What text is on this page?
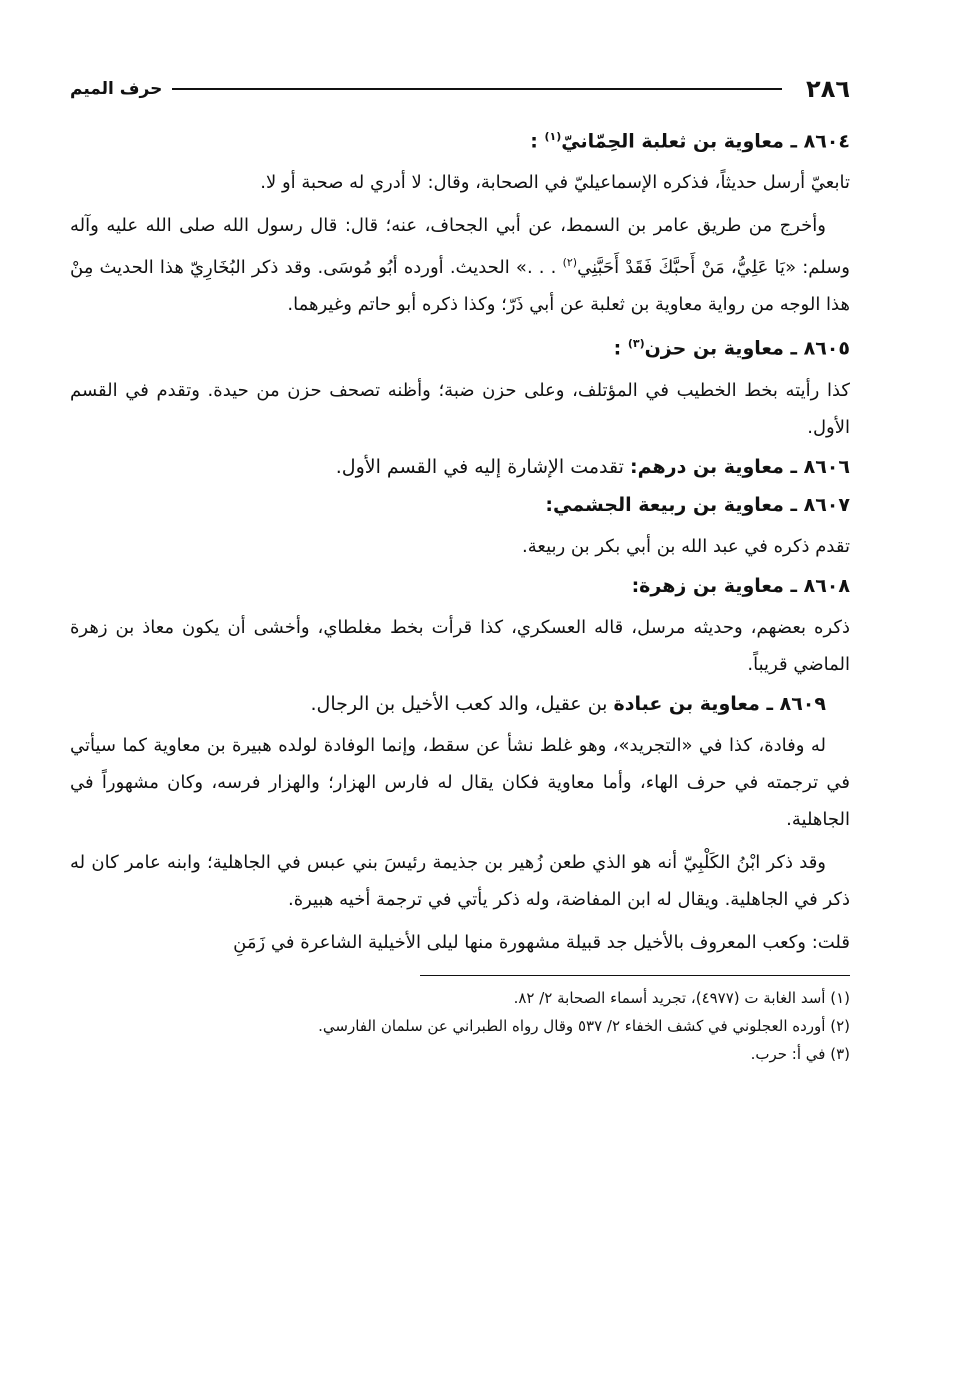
٢٨٦
حرف الميم

٨٦٠٤ ـ معاوية بن ثعلبة الحِمّانيّ$^{(١)}$ :

تابعيّ أرسل حديثاً، فذكره الإسماعيليّ في الصحابة، وقال: لا أدري له صحبة أو لا.

وأخرج من طريق عامر بن السمط، عن أبي الجحاف، عنه؛ قال: قال رسول الله صلى الله عليه وآله وسلم: «يَا عَلِيُّ، مَنْ أَحبَّكَ فَقَدْ أَحَبَّنِي$^{(٢)}$ . . .» الحديث. أورده أبُو مُوسَى. وقد ذكر البُخَارِيّ هذا الحديث مِنْ هذا الوجه من رواية معاوية بن ثعلبة عن أبي ذَرّ؛ وكذا ذكره أبو حاتم وغيرهما.

٨٦٠٥ ـ معاوية بن حزن$^{(٣)}$ :

كذا رأيته بخط الخطيب في المؤتلف، وعلى حزن ضبة؛ وأظنه تصحف حزن من حيدة. وتقدم في القسم الأول.

٨٦٠٦ ـ معاوية بن درهم: تقدمت الإشارة إليه في القسم الأول.

٨٦٠٧ ـ معاوية بن ربيعة الجشمي:

تقدم ذكره في عبد الله بن أبي بكر بن ربيعة.

٨٦٠٨ ـ معاوية بن زهرة:

ذكره بعضهم، وحديثه مرسل، قاله العسكري، كذا قرأت بخط مغلطاي، وأخشى أن يكون معاذ بن زهرة الماضي قريباً.

٨٦٠٩ ـ معاوية بن عبادة بن عقيل، والد كعب الأخيل بن الرجال.

له وفادة، كذا في «التجريد»، وهو غلط نشأ عن سقط، وإنما الوفادة لولده هبيرة بن معاوية كما سيأتي في ترجمته في حرف الهاء، وأما معاوية فكان يقال له فارس الهزار؛ والهزار فرسه، وكان مشهوراً في الجاهلية.

وقد ذكر ابْنُ الكَلْبِيّ أنه هو الذي طعن زُهير بن جذيمة رئيسَ بني عبس في الجاهلية؛ وابنه عامر كان له ذكر في الجاهلية. ويقال له ابن المفاضة، وله ذكر يأتي في ترجمة أخيه هبيرة.

قلت: وكعب المعروف بالأخيل جد قبيلة مشهورة منها ليلى الأخيلية الشاعرة في زَمَنِ

(١) أسد الغابة ت (٤٩٧٧)، تجريد أسماء الصحابة ٢/ ٨٢.

(٢) أورده العجلوني في كشف الخفاء ٢/ ٥٣٧ وقال رواه الطبراني عن سلمان الفارسي.

(٣) في أ: حرب.
